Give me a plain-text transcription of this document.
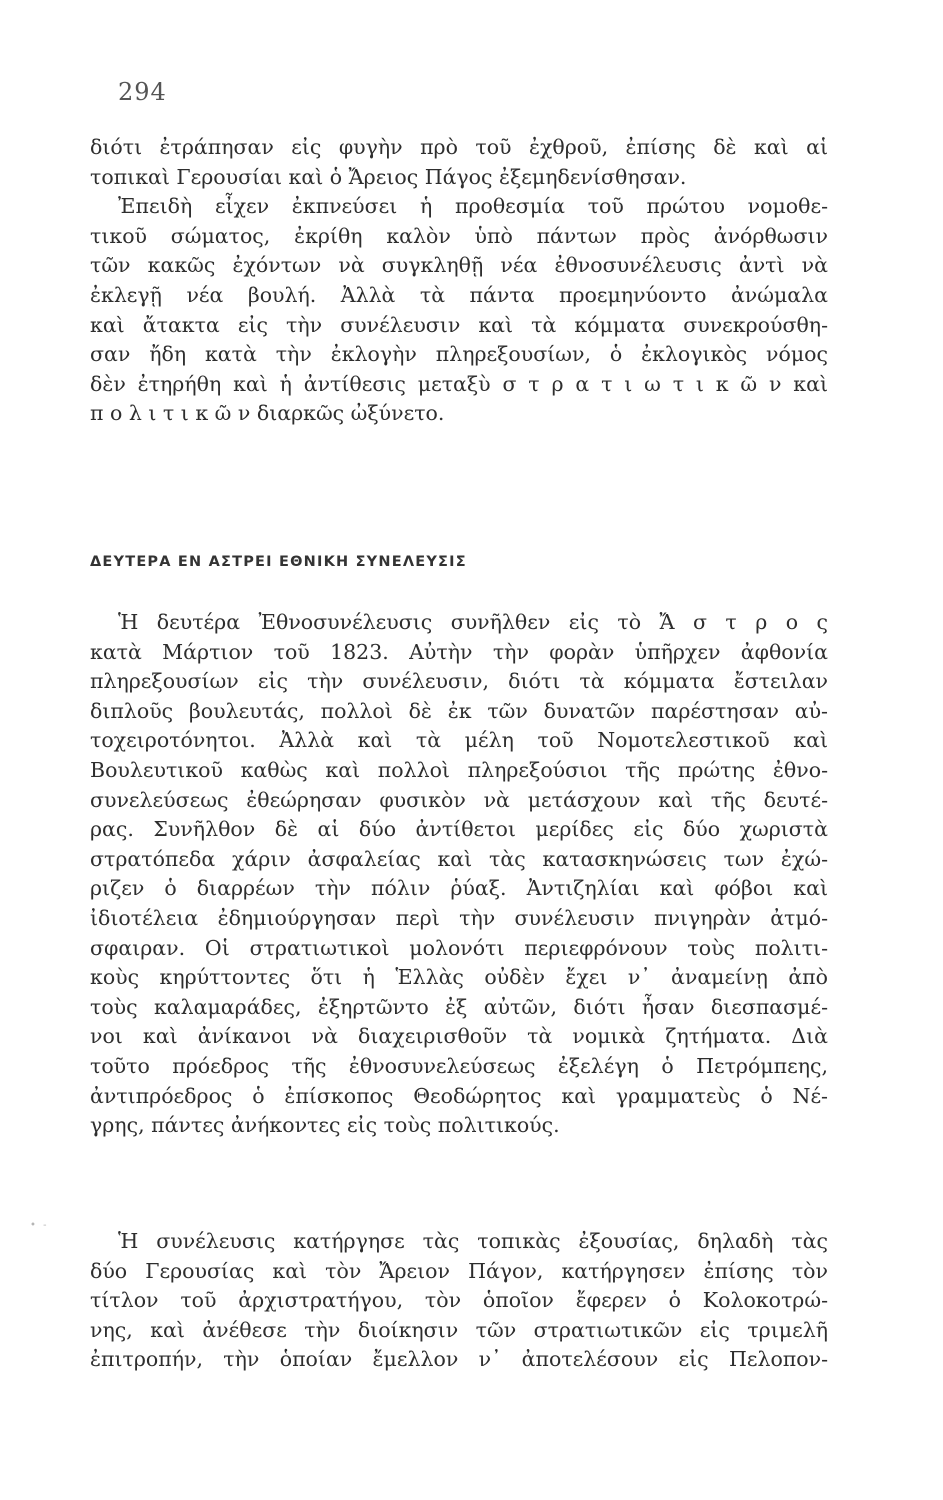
294
• -
διότι ἐτράπησαν εἰς φυγὴν πρὸ τοῦ ἐχθροῦ, ἐπίσης δὲ καὶ αἱ
τοπικαὶ Γερουσίαι καὶ ὁ Ἄρειος Πάγος ἐξεμηδενίσθησαν.
Ἐπειδὴ εἶχεν ἐκπνεύσει ἡ προθεσμία τοῦ πρώτου νομοθε-
τικοῦ σώματος, ἐκρίθη καλὸν ὑπὸ πάντων πρὸς ἀνόρθωσιν
τῶν κακῶς ἐχόντων νὰ συγκληθῇ νέα ἐθνοσυνέλευσις ἀντὶ νὰ
ἐκλεγῇ νέα βουλή. Ἀλλὰ τὰ πάντα προεμηνύοντο ἀνώμαλα
καὶ ἄτακτα εἰς τὴν συνέλευσιν καὶ τὰ κόμματα συνεκρούσθη-
σαν ἤδη κατὰ τὴν ἐκλογὴν πληρεξουσίων, ὁ ἐκλογικὸς νόμος
δὲν ἐτηρήθη καὶ ἡ ἀντίθεσις μεταξὺ σ τ ρ α τ ι ω τ ι κ ῶ ν καὶ
π ο λ ι τ ι κ ῶ ν διαρκῶς ὠξύνετο.
ΔΕΥΤΕΡΑ ΕΝ ΑΣΤΡΕΙ ΕΘΝΙΚΗ ΣΥΝΕΛΕΥΣΙΣ
Ἡ δευτέρα Ἐθνοσυνέλευσις συνῆλθεν εἰς τὸ Ἄ σ τ ρ ο ς
κατὰ Μάρτιον τοῦ 1823. Αὐτὴν τὴν φορὰν ὑπῆρχεν ἀφθονία
πληρεξουσίων εἰς τὴν συνέλευσιν, διότι τὰ κόμματα ἔστειλαν
διπλοῦς βουλευτάς, πολλοὶ δὲ ἐκ τῶν δυνατῶν παρέστησαν αὐ-
τοχειροτόνητοι. Ἀλλὰ καὶ τὰ μέλη τοῦ Νομοτελεστικοῦ καὶ
Βουλευτικοῦ καθὼς καὶ πολλοὶ πληρεξούσιοι τῆς πρώτης ἐθνο-
συνελεύσεως ἐθεώρησαν φυσικὸν νὰ μετάσχουν καὶ τῆς δευτέ-
ρας. Συνῆλθον δὲ αἱ δύο ἀντίθετοι μερίδες εἰς δύο χωριστὰ
στρατόπεδα χάριν ἀσφαλείας καὶ τὰς κατασκηνώσεις των ἐχώ-
ριζεν ὁ διαρρέων τὴν πόλιν ῥύαξ. Ἀντιζηλίαι καὶ φόβοι καὶ
ἰδιοτέλεια ἐδημιούργησαν περὶ τὴν συνέλευσιν πνιγηρὰν ἀτμό-
σφαιραν. Οἱ στρατιωτικοὶ μολονότι περιεφρόνουν τοὺς πολιτι-
κοὺς κηρύττοντες ὅτι ἡ Ἑλλὰς οὐδὲν ἔχει ν᾽ ἀναμείνῃ ἀπὸ
τοὺς καλαμαράδες, ἐξηρτῶντο ἐξ αὐτῶν, διότι ἦσαν διεσπασμέ-
νοι καὶ ἀνίκανοι νὰ διαχειρισθοῦν τὰ νομικὰ ζητήματα. Διὰ
τοῦτο πρόεδρος τῆς ἐθνοσυνελεύσεως ἐξελέγη ὁ Πετρόμπεης,
ἀντιπρόεδρος ὁ ἐπίσκοπος Θεοδώρητος καὶ γραμματεὺς ὁ Νέ-
γρης, πάντες ἀνήκοντες εἰς τοὺς πολιτικούς.
Ἡ συνέλευσις κατήργησε τὰς τοπικὰς ἐξουσίας, δηλαδὴ τὰς
δύο Γερουσίας καὶ τὸν Ἄρειον Πάγον, κατήργησεν ἐπίσης τὸν
τίτλον τοῦ ἀρχιστρατήγου, τὸν ὁποῖον ἔφερεν ὁ Κολοκοτρώ-
νης, καὶ ἀνέθεσε τὴν διοίκησιν τῶν στρατιωτικῶν εἰς τριμελῆ
ἐπιτροπήν, τὴν ὁποίαν ἔμελλον ν᾽ ἀποτελέσουν εἰς Πελοπον-
